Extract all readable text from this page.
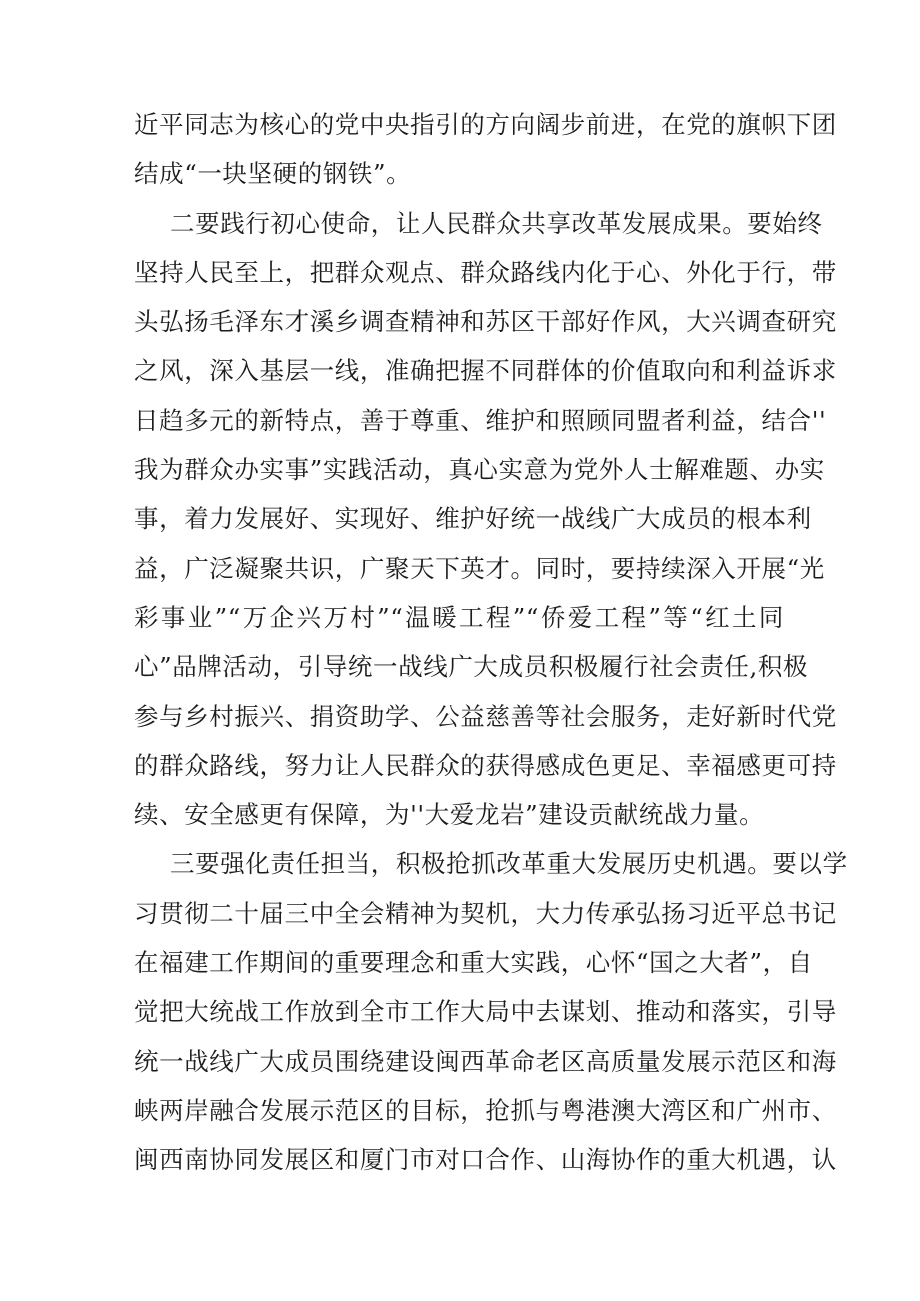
近平同志为核心的党中央指引的方向阔步前进，在党的旗帜下团
结成“一块坚硬的钢铁”。
二要践行初心使命，让人民群众共享改革发展成果。要始终
坚持人民至上，把群众观点、群众路线内化于心、外化于行，带
头弘扬毛泽东才溪乡调查精神和苏区干部好作风，大兴调查研究
之风，深入基层一线，准确把握不同群体的价值取向和利益诉求
日趋多元的新特点，善于尊重、维护和照顾同盟者利益，结合''
我为群众办实事”实践活动，真心实意为党外人士解难题、办实
事，着力发展好、实现好、维护好统一战线广大成员的根本利
益，广泛凝聚共识，广聚天下英才。同时，要持续深入开展“光
彩事业”“万企兴万村”“温暖工程”“侨爱工程”等“红土同
心”品牌活动，引导统一战线广大成员积极履行社会责任,积极
参与乡村振兴、捐资助学、公益慈善等社会服务，走好新时代党
的群众路线，努力让人民群众的获得感成色更足、幸福感更可持
续、安全感更有保障，为''大爱龙岩”建设贡献统战力量。
三要强化责任担当，积极抢抓改革重大发展历史机遇。要以学
习贯彻二十届三中全会精神为契机，大力传承弘扬习近平总书记
在福建工作期间的重要理念和重大实践，心怀“国之大者”，自
觉把大统战工作放到全市工作大局中去谋划、推动和落实，引导
统一战线广大成员围绕建设闽西革命老区高质量发展示范区和海
峡两岸融合发展示范区的目标，抢抓与粤港澳大湾区和广州市、
闽西南协同发展区和厦门市对口合作、山海协作的重大机遇，认
